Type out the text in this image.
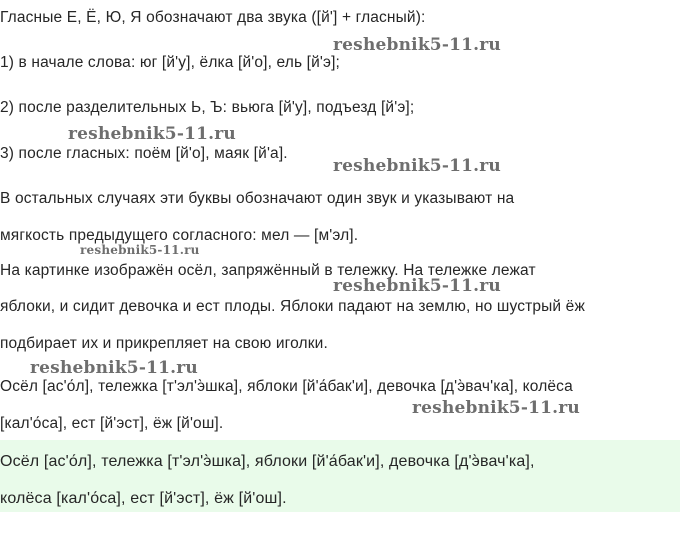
Гласные Е, Ё, Ю, Я обозначают два звука ([й'] + гласный):
1) в начале слова: юг [й'у], ёлка [й'о], ель [й'э];
2) после разделительных Ь, Ъ: вьюга [й'у], подъезд [й'э];
3) после гласных: поём [й'о], маяк [й'а].
В остальных случаях эти буквы обозначают один звук и указывают на
мягкость предыдущего согласного: мел — [м'эл].
На картинке изображён осёл, запряжённый в тележку. На тележке лежат
яблоки, и сидит девочка и ест плоды. Яблоки падают на землю, но шустрый ёж
подбирает их и прикрепляет на свою иголки.
Осёл [ас'о́л], тележка [т'эл'э̀шка], яблоки [й'а́бак'и], девочка [д'э̀вач'ка], колёса
[кал'о́са], ест [й'эст], ёж [й'ош].
Осёл [ас'о́л], тележка [т'эл'э̀шка], яблоки [й'а́бак'и], девочка [д'э̀вач'ка],
колёса [кал'о́са], ест [й'эст], ёж [й'ош].
reshebnik5-11.ru
reshebnik5-11.ru
reshebnik5-11.ru
reshebnik5-11.ru
reshebnik5-11.ru
reshebnik5-11.ru
reshebnik5-11.ru
